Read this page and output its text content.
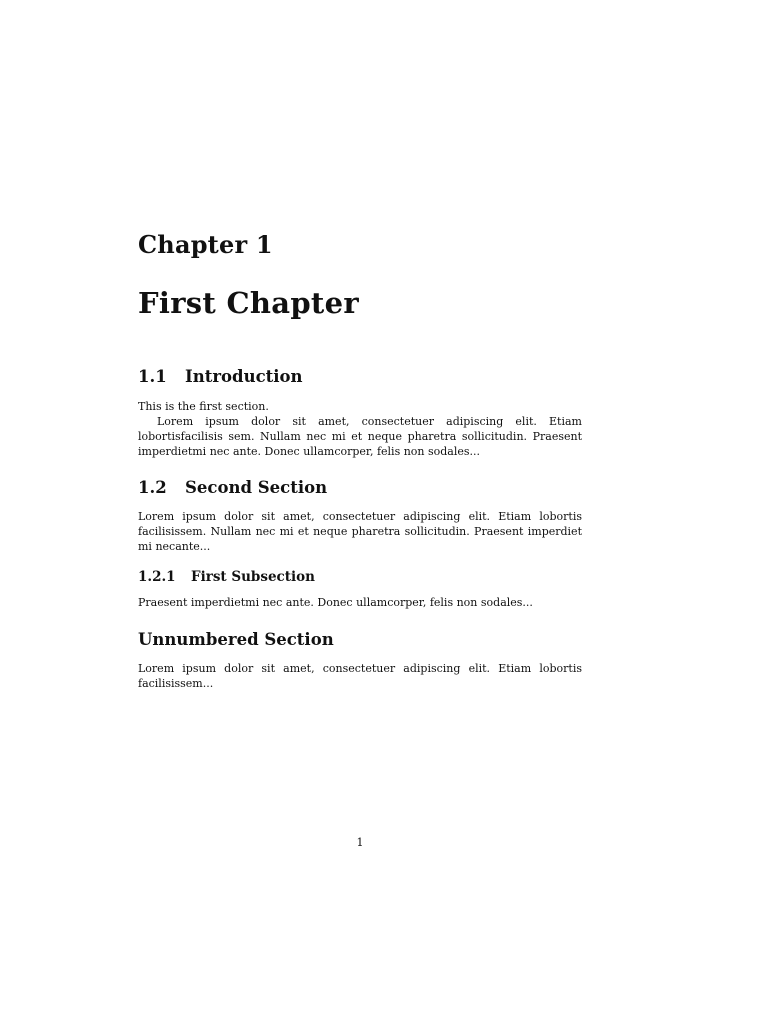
Chapter 1
First Chapter
1.1 Introduction

This is the first section.

Lorem ipsum dolor sit amet, consectetuer adipiscing elit. Etiam lobortisfacilisis sem. Nullam nec mi et neque pharetra sollicitudin. Praesent imperdietmi nec ante. Donec ullamcorper, felis non sodales...

1.2 Second Section

Lorem ipsum dolor sit amet, consectetuer adipiscing elit. Etiam lobortis facilisissem. Nullam nec mi et neque pharetra sollicitudin. Praesent imperdiet mi necante...

1.2.1 First Subsection

Praesent imperdietmi nec ante. Donec ullamcorper, felis non sodales...

Unnumbered Section

Lorem ipsum dolor sit amet, consectetuer adipiscing elit. Etiam lobortis facilisissem...

1
